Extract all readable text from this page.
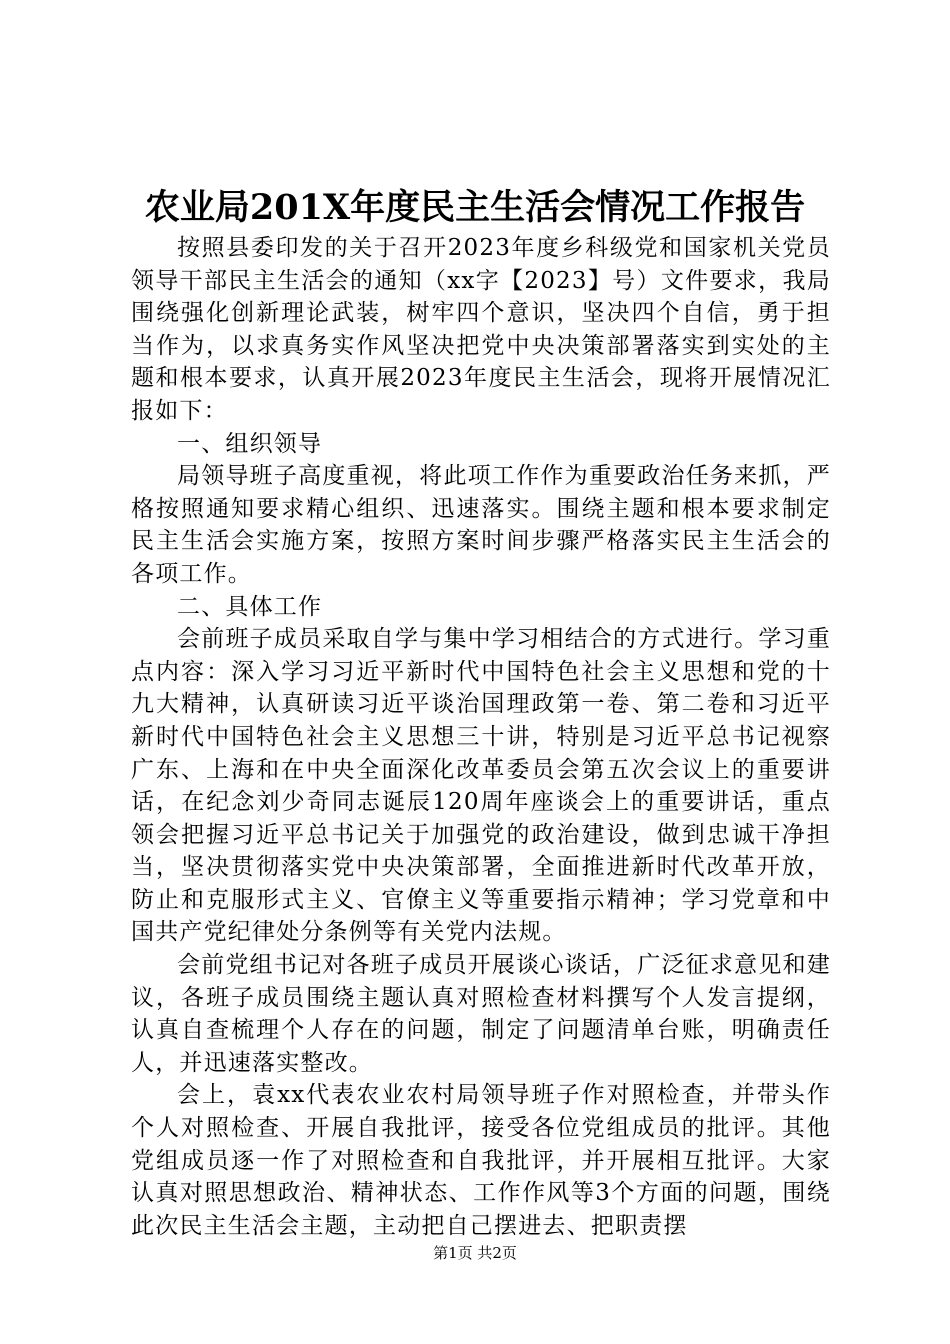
农业局201X年度民主生活会情况工作报告

按照县委印发的关于召开2023年度乡科级党和国家机关党员领导干部民主生活会的通知（xx字【2023】号）文件要求，我局围绕强化创新理论武装，树牢四个意识，坚决四个自信，勇于担当作为，以求真务实作风坚决把党中央决策部署落实到实处的主题和根本要求，认真开展2023年度民主生活会，现将开展情况汇报如下：

一、组织领导

局领导班子高度重视，将此项工作作为重要政治任务来抓，严格按照通知要求精心组织、迅速落实。围绕主题和根本要求制定民主生活会实施方案，按照方案时间步骤严格落实民主生活会的各项工作。

二、具体工作

会前班子成员采取自学与集中学习相结合的方式进行。学习重点内容：深入学习习近平新时代中国特色社会主义思想和党的十九大精神，认真研读习近平谈治国理政第一卷、第二卷和习近平新时代中国特色社会主义思想三十讲，特别是习近平总书记视察广东、上海和在中央全面深化改革委员会第五次会议上的重要讲话，在纪念刘少奇同志诞辰120周年座谈会上的重要讲话，重点领会把握习近平总书记关于加强党的政治建设，做到忠诚干净担当，坚决贯彻落实党中央决策部署，全面推进新时代改革开放，防止和克服形式主义、官僚主义等重要指示精神；学习党章和中国共产党纪律处分条例等有关党内法规。

会前党组书记对各班子成员开展谈心谈话，广泛征求意见和建议，各班子成员围绕主题认真对照检查材料撰写个人发言提纲，认真自查梳理个人存在的问题，制定了问题清单台账，明确责任人，并迅速落实整改。

会上，袁xx代表农业农村局领导班子作对照检查，并带头作个人对照检查、开展自我批评，接受各位党组成员的批评。其他党组成员逐一作了对照检查和自我批评，并开展相互批评。大家认真对照思想政治、精神状态、工作作风等3个方面的问题，围绕此次民主生活会主题，主动把自己摆进去、把职责摆

第1页 共2页
